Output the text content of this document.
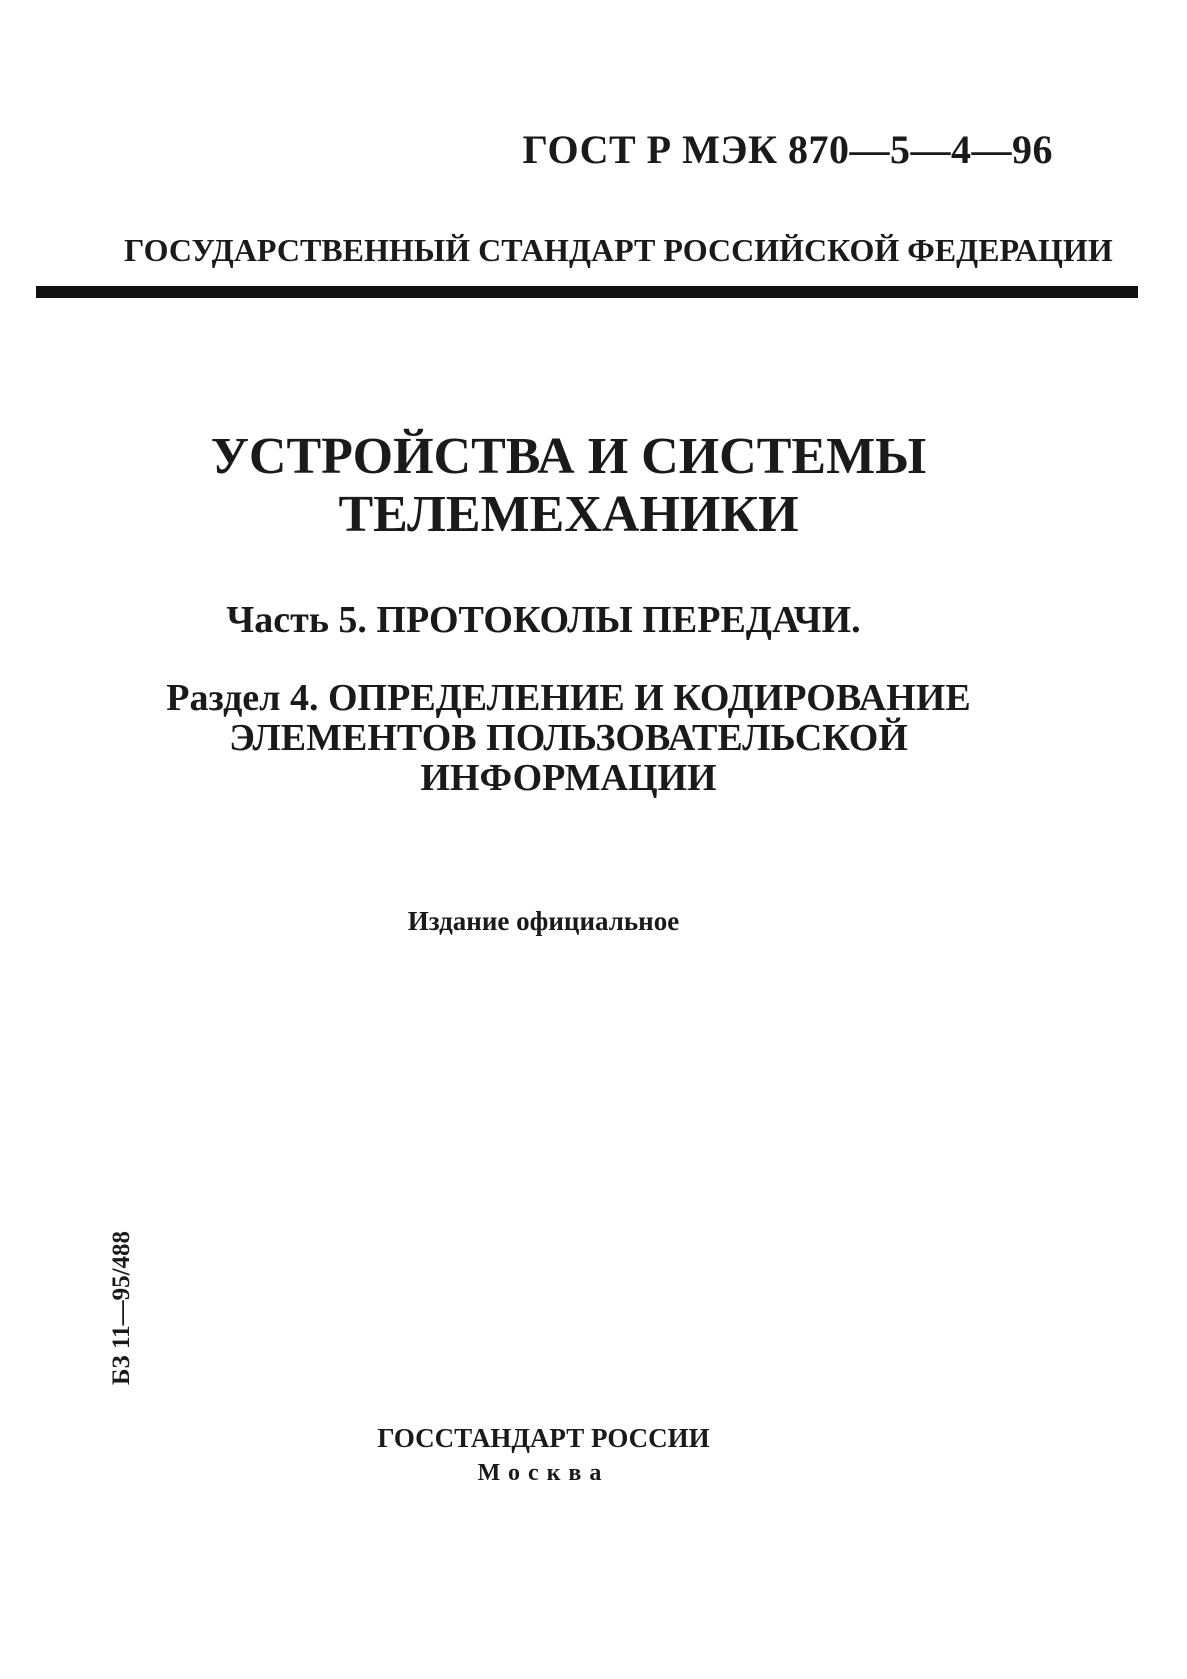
ГОСТ Р МЭК 870—5—4—96
ГОСУДАРСТВЕННЫЙ СТАНДАРТ РОССИЙСКОЙ ФЕДЕРАЦИИ
УСТРОЙСТВА И СИСТЕМЫ
ТЕЛЕМЕХАНИКИ
Часть 5. ПРОТОКОЛЫ ПЕРЕДАЧИ.
Раздел 4. ОПРЕДЕЛЕНИЕ И КОДИРОВАНИЕ
ЭЛЕМЕНТОВ ПОЛЬЗОВАТЕЛЬСКОЙ
ИНФОРМАЦИИ
Издание официальное
БЗ 11—95/488
ГОССТАНДАРТ РОССИИ
Москва
